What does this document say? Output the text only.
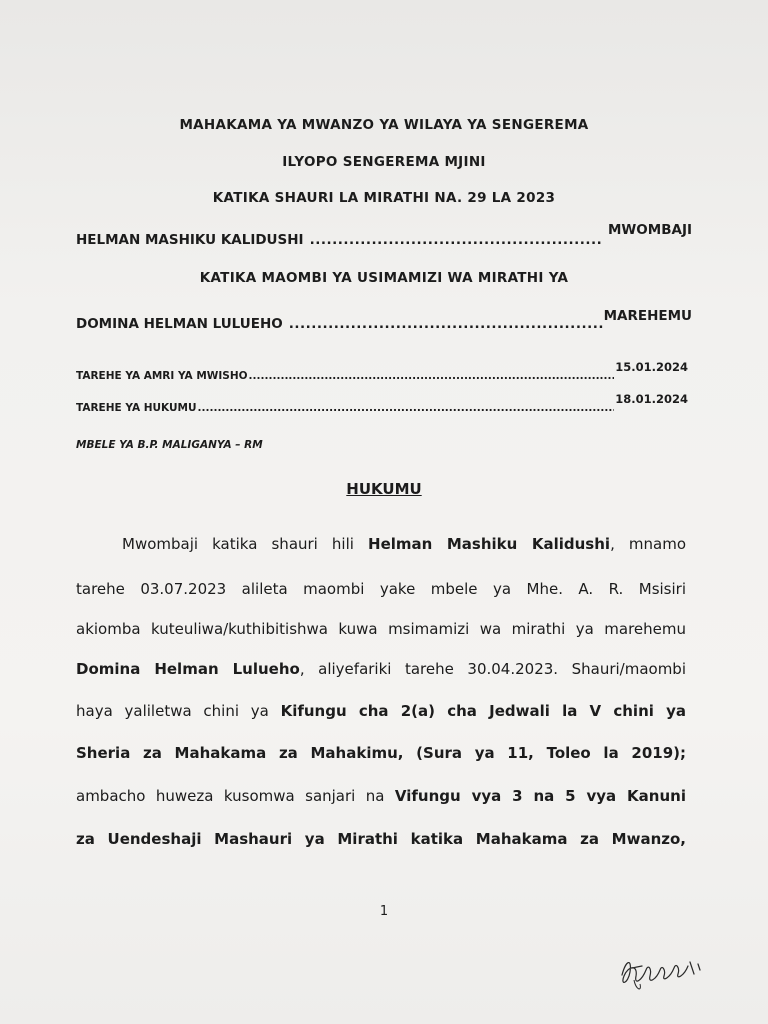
MAHAKAMA YA MWANZO YA WILAYA YA SENGEREMA
ILYOPO SENGEREMA MJINI
KATIKA SHAURI LA MIRATHI NA. 29 LA 2023
HELMAN MASHIKU KALIDUSHI
.....
MWOMBAJI
KATIKA MAOMBI YA USIMAMIZI WA MIRATHI YA
DOMINA HELMAN LULUEHO
.....	MAREHEMU
TAREHE YA AMRI YA MWISHO
.....
15.01.2024
TAREHE YA HUKUMU
.....
18.01.2024
MBELE YA B.P. MALIGANYA – RM
HUKUMU
Mwombaji katika shauri hili Helman Mashiku Kalidushi, mnamo
tarehe 03.07.2023 alileta maombi yake mbele ya Mhe. A. R. Msisiri
akiomba kuteuliwa/kuthibitishwa kuwa msimamizi wa mirathi ya marehemu
Domina Helman Lulueho, aliyefariki tarehe 30.04.2023. Shauri/maombi
haya yaliletwa chini ya Kifungu cha 2(a) cha Jedwali la V chini ya
Sheria za Mahakama za Mahakimu, (Sura ya 11, Toleo la 2019);
ambacho huweza kusomwa sanjari na Vifungu vya 3 na 5 vya Kanuni
za Uendeshaji Mashauri ya Mirathi katika Mahakama za Mwanzo,
1
